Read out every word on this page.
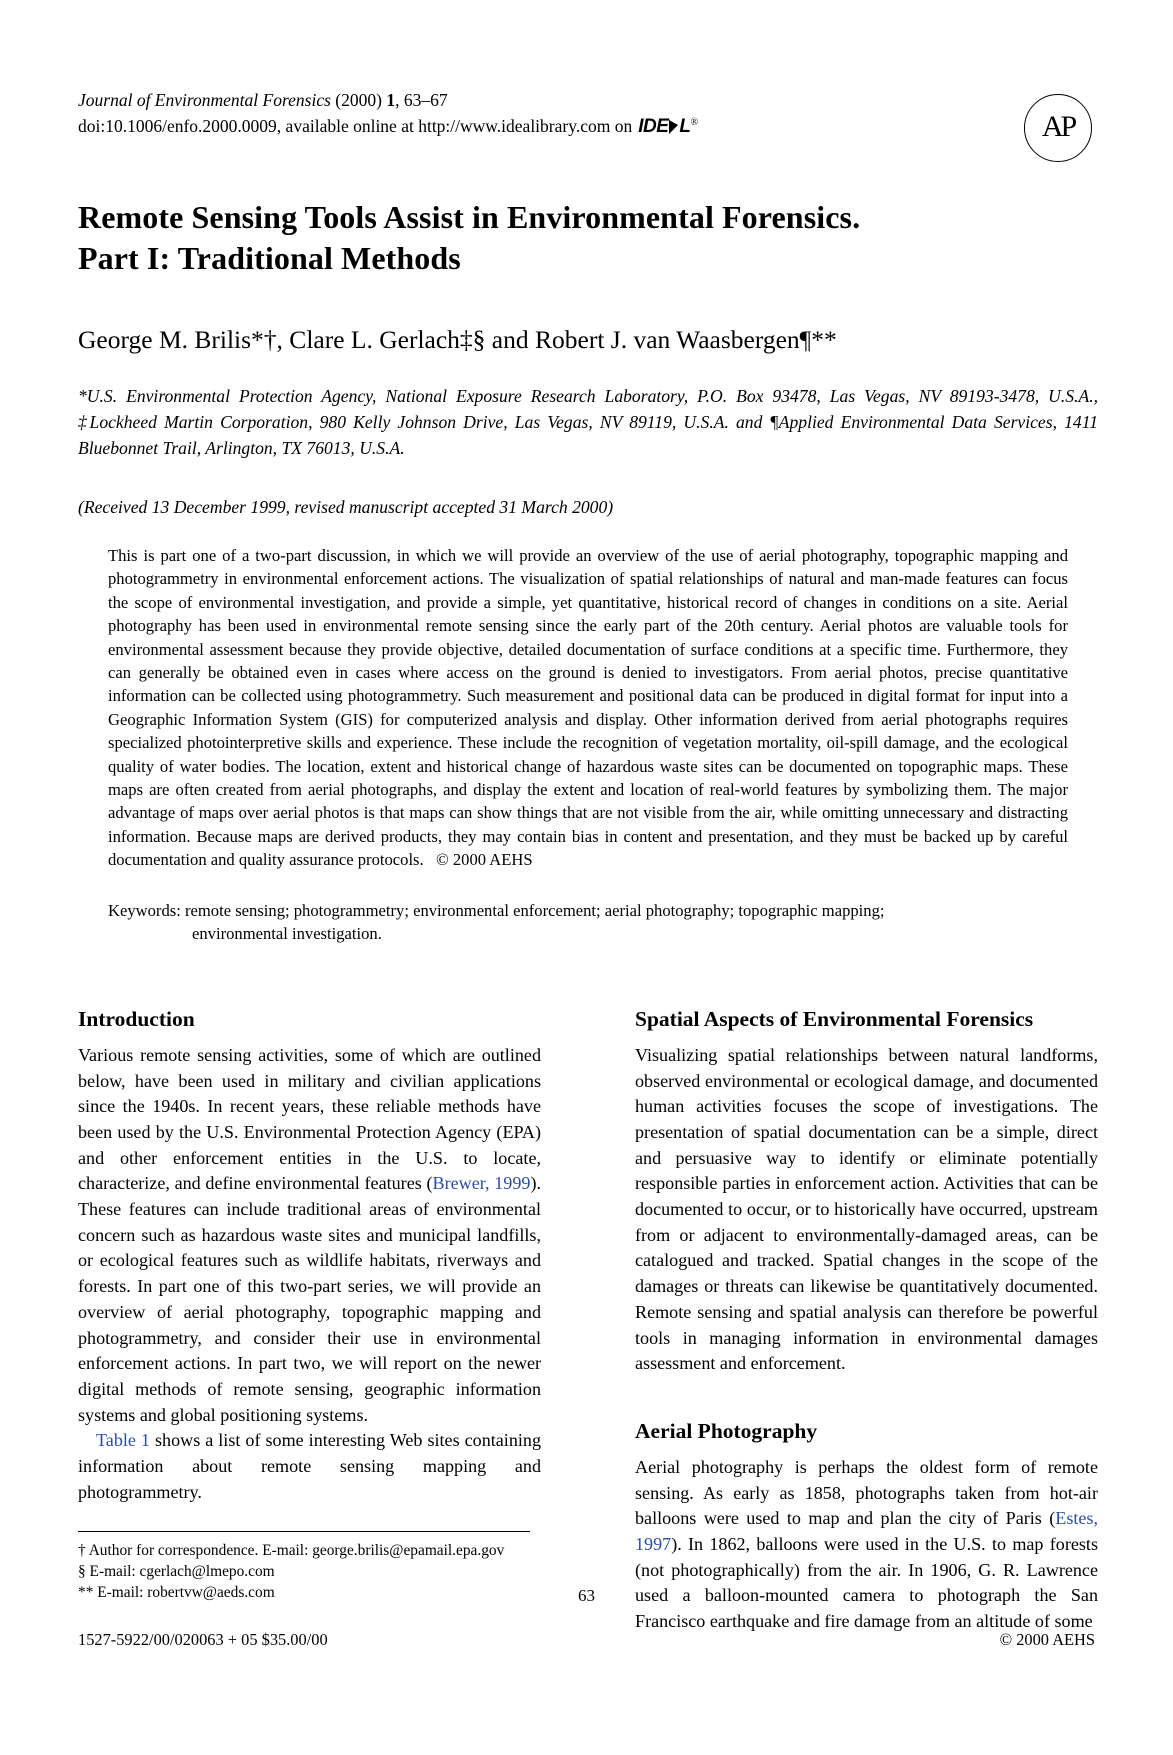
Journal of Environmental Forensics (2000) 1, 63–67
doi:10.1006/enfo.2000.0009, available online at http://www.idealibrary.com on IDE L®	AP
Remote Sensing Tools Assist in Environmental Forensics.
Part I: Traditional Methods
George M. Brilis*†, Clare L. Gerlach‡§ and Robert J. van Waasbergen¶**
*U.S. Environmental Protection Agency, National Exposure Research Laboratory, P.O. Box 93478, Las Vegas, NV 89193-3478, U.S.A., ‡Lockheed Martin Corporation, 980 Kelly Johnson Drive, Las Vegas, NV 89119, U.S.A. and ¶Applied Environmental Data Services, 1411 Bluebonnet Trail, Arlington, TX 76013, U.S.A.
(Received 13 December 1999, revised manuscript accepted 31 March 2000)
This is part one of a two-part discussion, in which we will provide an overview of the use of aerial photography, topographic mapping and photogrammetry in environmental enforcement actions. The visualization of spatial relationships of natural and man-made features can focus the scope of environmental investigation, and provide a simple, yet quantitative, historical record of changes in conditions on a site. Aerial photography has been used in environmental remote sensing since the early part of the 20th century. Aerial photos are valuable tools for environmental assessment because they provide objective, detailed documentation of surface conditions at a specific time. Furthermore, they can generally be obtained even in cases where access on the ground is denied to investigators. From aerial photos, precise quantitative information can be collected using photogrammetry. Such measurement and positional data can be produced in digital format for input into a Geographic Information System (GIS) for computerized analysis and display. Other information derived from aerial photographs requires specialized photointerpretive skills and experience. These include the recognition of vegetation mortality, oil-spill damage, and the ecological quality of water bodies. The location, extent and historical change of hazardous waste sites can be documented on topographic maps. These maps are often created from aerial photographs, and display the extent and location of real-world features by symbolizing them. The major advantage of maps over aerial photos is that maps can show things that are not visible from the air, while omitting unnecessary and distracting information. Because maps are derived products, they may contain bias in content and presentation, and they must be backed up by careful documentation and quality assurance protocols. © 2000 AEHS
Keywords: remote sensing; photogrammetry; environmental enforcement; aerial photography; topographic mapping;
environmental investigation.
Introduction

Various remote sensing activities, some of which are outlined below, have been used in military and civilian applications since the 1940s. In recent years, these reliable methods have been used by the U.S. Environmental Protection Agency (EPA) and other enforcement entities in the U.S. to locate, characterize, and define environmental features (Brewer, 1999). These features can include traditional areas of environmental concern such as hazardous waste sites and municipal landfills, or ecological features such as wildlife habitats, riverways and forests. In part one of this two-part series, we will provide an overview of aerial photography, topographic mapping and photogrammetry, and consider their use in environmental enforcement actions. In part two, we will report on the newer digital methods of remote sensing, geographic information systems and global positioning systems.

Table 1 shows a list of some interesting Web sites containing information about remote sensing mapping and photogrammetry.

† Author for correspondence. E-mail: george.brilis@epamail.epa.gov
§ E-mail: cgerlach@lmepo.com
** E-mail: robertvw@aeds.com
Spatial Aspects of Environmental Forensics

Visualizing spatial relationships between natural landforms, observed environmental or ecological damage, and documented human activities focuses the scope of investigations. The presentation of spatial documentation can be a simple, direct and persuasive way to identify or eliminate potentially responsible parties in enforcement action. Activities that can be documented to occur, or to historically have occurred, upstream from or adjacent to environmentally-damaged areas, can be catalogued and tracked. Spatial changes in the scope of the damages or threats can likewise be quantitatively documented. Remote sensing and spatial analysis can therefore be powerful tools in managing information in environmental damages assessment and enforcement.

Aerial Photography

Aerial photography is perhaps the oldest form of remote sensing. As early as 1858, photographs taken from hot-air balloons were used to map and plan the city of Paris (Estes, 1997). In 1862, balloons were used in the U.S. to map forests (not photographically) from the air. In 1906, G. R. Lawrence used a balloon-mounted camera to photograph the San Francisco earthquake and fire damage from an altitude of some

63
1527-5922/00/020063 + 05 $35.00/00	© 2000 AEHS
